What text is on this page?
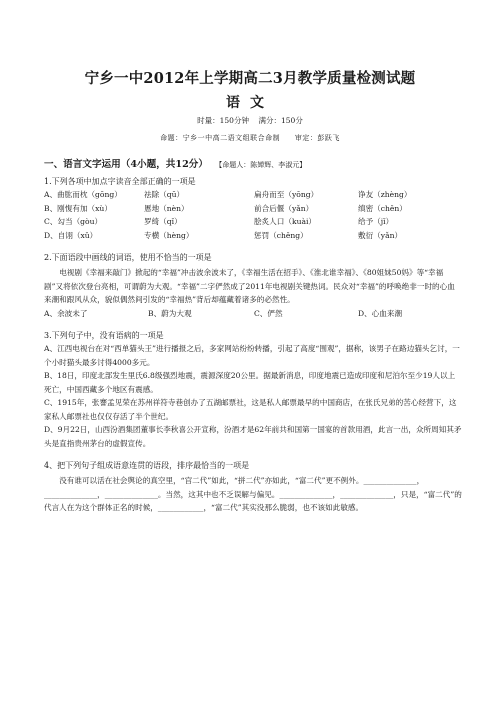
宁乡一中2012年上学期高二3月教学质量检测试题
语文
时量：150分钟 满分：150分
命题：宁乡一中高二语文组联合命制 审定：彭跃飞
一、语言文字运用（4小题，共12分） 【命题人：陈婵辉、李淑元】

1.下列各项中加点字读音全部正确的一项是

A、曲肱而枕（gōng）	祛除（qū）	扁舟而至（yōng）	诤友（zhèng）
B、刚愎有加（xù）	慝地（nèn）	前合后偃（yǎn）	缜密（chěn）
C、勾当（gòu）	罗绮（qǐ）	脍炙人口（kuài）	给予（jǐ）
D、自诩（xǔ）	专横（hèng）	惩罚（chěng）	敷衍（yǎn）

2.下面语段中画线的词语，使用不恰当的一项是

电视剧《幸福来敲门》掀起的“幸福”冲击波余波未了，《幸福生活在招手》、《淮北谁幸福》、《80姐妹50妈》等“幸福剧”又将依次登台亮相，可谓蔚为大观。“幸福”二字俨然成了2011年电视剧关键热词。民众对“幸福”的呼唤绝非一时的心血来潮和跟风从众，貌似偶然间引发的“幸福热”背后却蕴藏着诸多的必然性。

A、余波未了	B、蔚为大观	C、俨然	D、心血来潮

3.下列句子中，没有语病的一项是

A、江西电视台在对“西单猫头王”进行播报之后，多家网站纷纷转播，引起了高度“围观”，据称，该男子在路边猫头乞讨，一个小时猫头最多讨得4000多元。

B、18日，印度北部发生里氏6.8级强烈地震，震源深度20公里。据最新消息，印度地震已造成印度和尼泊尔至少19人以上死亡，中国西藏多个地区有震感。

C、1915年，张謇孟见荣在苏州祥符寺巷创办了五湖邮票社，这是私人邮票最早的中国商店，在张氏兄弟的苦心经营下，这家私人邮票社也仅仅存活了半个世纪。

D、9月22日，山西汾酒集团董事长李秋喜公开宣称，汾酒才是62年前共和国第一国宴的首款用酒，此言一出，众所周知其矛头是直指贵州茅台的虚假宣传。

4、把下列句子组成语意连贯的语段，排序最恰当的一项是

没有谁可以活在社会舆论的真空里，“宫二代”如此，“拼二代”亦如此，“富二代”更不例外。______________，______________，______________。当然，这其中也不乏误解与偏见。______________，______________，只是，“富二代”的代言人在为这个群体正名的时候，____________，“富二代”其实没那么脆弱，也不该如此敏感。
